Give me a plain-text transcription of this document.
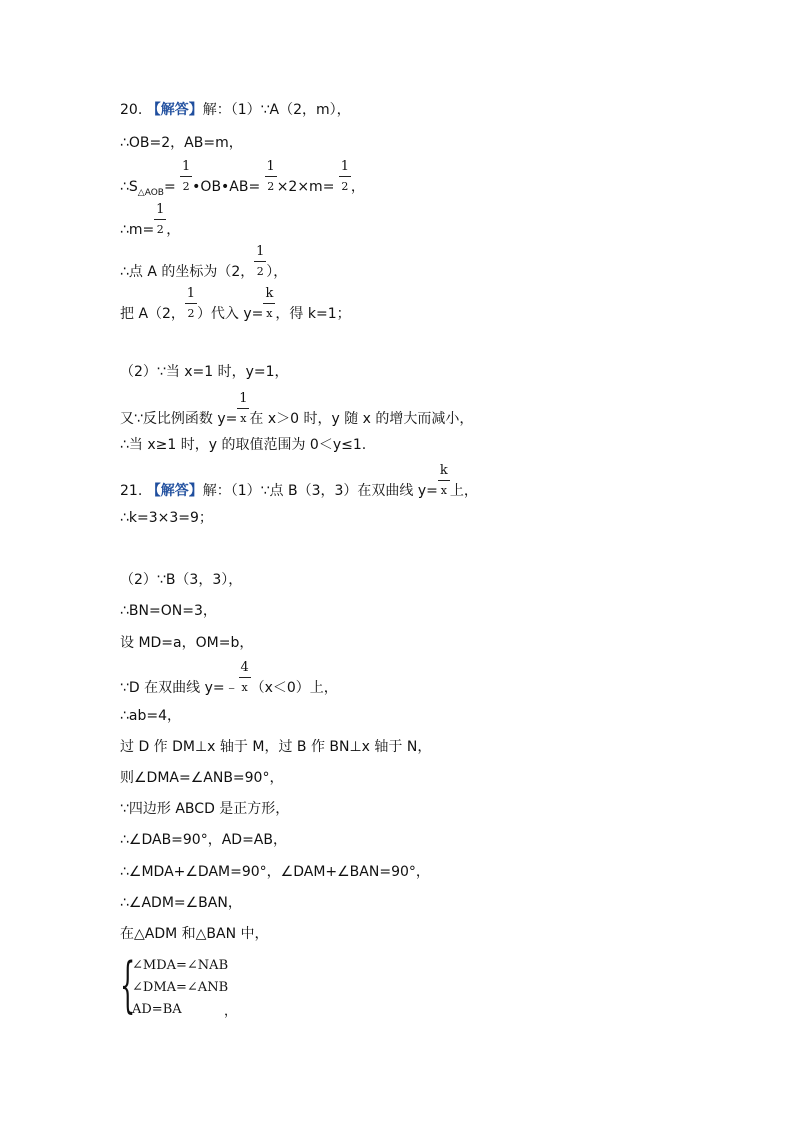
20. 【解答】解：（1）∵A（2，m），
∴OB=2，AB=m，
$\therefore S_{\triangle AOB}=$
1
2 •OB•AB=
1
2 ×2×m=
1
2 ，
∴m=
1
2 ，
∴点 A 的坐标为（2，
1
2 ），
把 A（2，
1
2 ）代入 y=
k
x ，得 k=1；
（2）∵当 x=1 时，y=1，
又∵反比例函数 y=
1
x 在 x＞0 时，y 随 x 的增大而减小，
∴当 x≥1 时，y 的取值范围为 0＜y≤1.
21. 【解答】解：（1）∵点 B（3，3）在双曲线 y=
k
x 上，
∴k=3×3=9；
（2）∵B（3，3），
∴BN=ON=3，
设 MD=a，OM=b，
∵D 在双曲线 y=﹣
4
x （x＜0）上，
∴ab=4，
过 D 作 DM⊥x 轴于 M，过 B 作 BN⊥x 轴于 N，
则∠DMA=∠ANB=90°，
∵四边形 ABCD 是正方形，
∴∠DAB=90°，AD=AB，
∴∠MDA+∠DAM=90°，∠DAM+∠BAN=90°，
∴∠ADM=∠BAN，
在△ADM 和△BAN 中，
{
∠MDA=∠NAB
∠DMA=∠ANB
AD=BA	，
